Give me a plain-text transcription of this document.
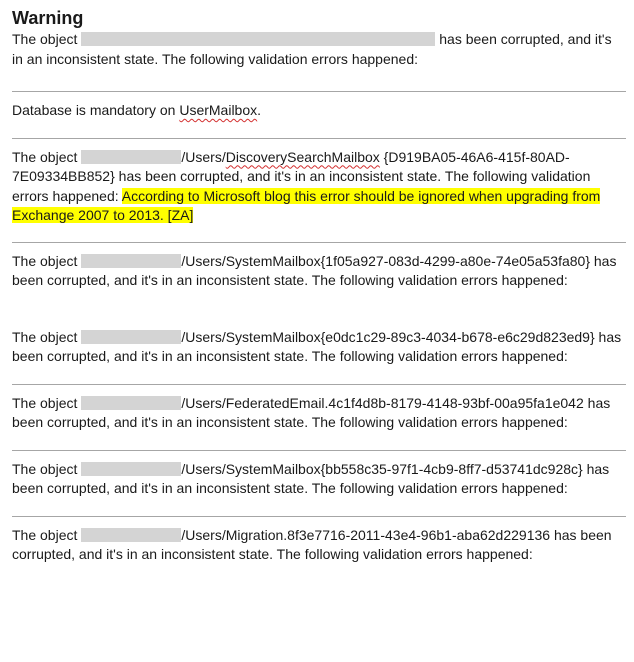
Warning

The object	has been corrupted, and it's in an inconsistent state. The following validation errors happened:

Database is mandatory on UserMailbox.

The object	/Users/DiscoverySearchMailbox {D919BA05-46A6-415f-80AD-7E09334BB852} has been corrupted, and it's in an inconsistent state. The following validation errors happened: According to Microsoft blog this error should be ignored when upgrading from Exchange 2007 to 2013. [ZA]

The object	/Users/SystemMailbox{1f05a927-083d-4299-a80e-74e05a53fa80} has been corrupted, and it's in an inconsistent state. The following validation errors happened:

The object	/Users/SystemMailbox{e0dc1c29-89c3-4034-b678-e6c29d823ed9} has been corrupted, and it's in an inconsistent state. The following validation errors happened:

The object	/Users/FederatedEmail.4c1f4d8b-8179-4148-93bf-00a95fa1e042 has been corrupted, and it's in an inconsistent state. The following validation errors happened:

The object	/Users/SystemMailbox{bb558c35-97f1-4cb9-8ff7-d53741dc928c} has been corrupted, and it's in an inconsistent state. The following validation errors happened:

The object	/Users/Migration.8f3e7716-2011-43e4-96b1-aba62d229136 has been corrupted, and it's in an inconsistent state. The following validation errors happened:
